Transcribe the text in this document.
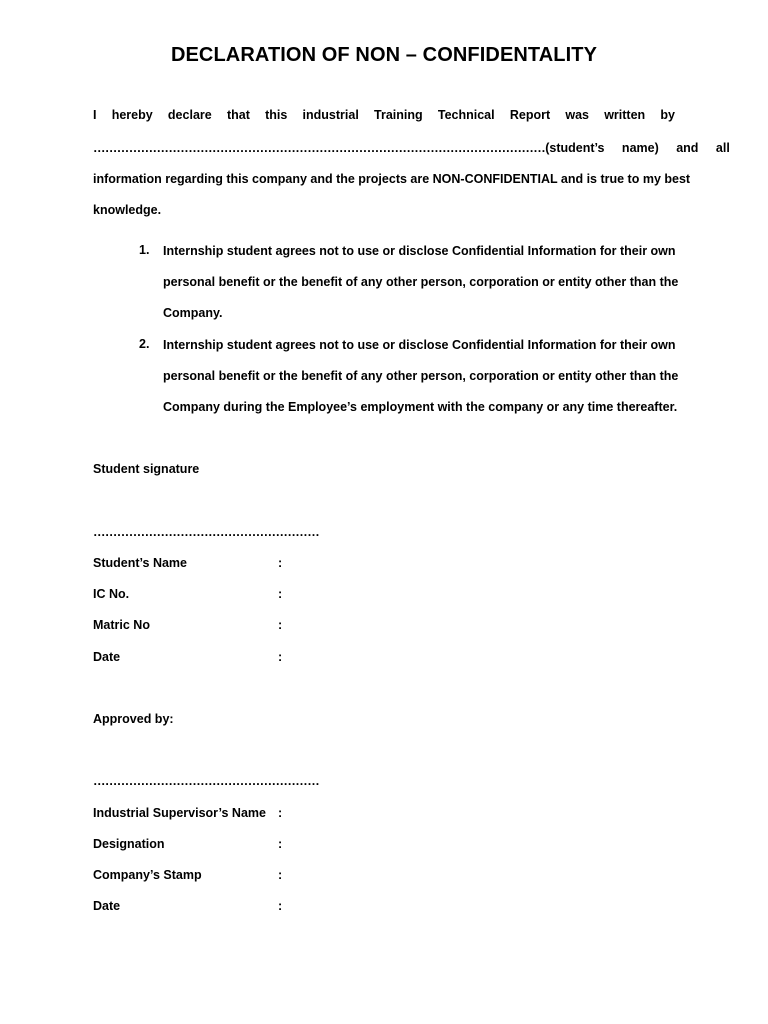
DECLARATION OF NON – CONFIDENTALITY
I hereby declare that this industrial Training Technical Report was written by
…………………………………………………………………………………………………… (student’s name) and all
information regarding this company and the projects are NON-CONFIDENTIAL and is true to my best
knowledge.
1. Internship student agrees not to use or disclose Confidential Information for their own
personal benefit or the benefit of any other person, corporation or entity other than the
Company.
2. Internship student agrees not to use or disclose Confidential Information for their own
personal benefit or the benefit of any other person, corporation or entity other than the
Company during the Employee’s employment with the company or any time thereafter.
Student signature
…………………………………………………
Student’s Name	:
IC No.	:
Matric No	:
Date	:
Approved by:
…………………………………………………
Industrial Supervisor’s Name :
Designation	:
Company’s Stamp	:
Date	:
